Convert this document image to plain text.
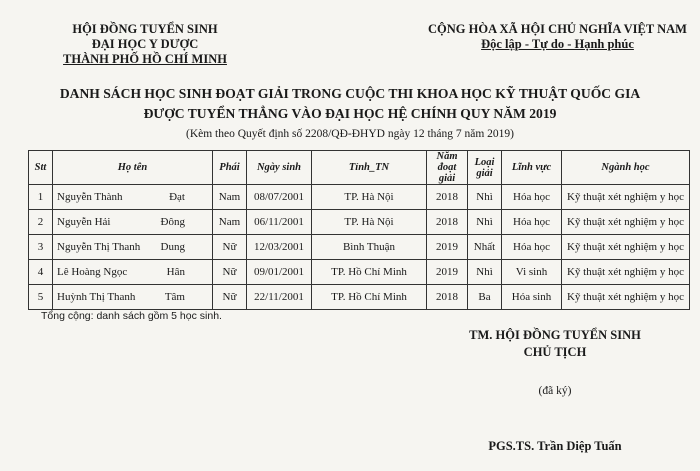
HỘI ĐỒNG TUYỂN SINH
ĐẠI HỌC Y DƯỢC
THÀNH PHỐ HỒ CHÍ MINH
CỘNG HÒA XÃ HỘI CHỦ NGHĨA VIỆT NAM
Độc lập - Tự do - Hạnh phúc
DANH SÁCH HỌC SINH ĐOẠT GIẢI TRONG CUỘC THI KHOA HỌC KỸ THUẬT QUỐC GIA
ĐƯỢC TUYỂN THẲNG VÀO ĐẠI HỌC HỆ CHÍNH QUY NĂM 2019
(Kèm theo Quyết định số 2208/QĐ-ĐHYD ngày 12 tháng 7 năm 2019)
Stt	Họ tên	Phái	Ngày sinh	Tỉnh_TN	Năm đoạt giải	Loại giải	Lĩnh vực	Ngành học
1	Nguyễn Thành Đạt	Nam	08/07/2001	TP. Hà Nội	2018	Nhì	Hóa học	Kỹ thuật xét nghiệm y học
2	Nguyễn Hải Đông	Nam	06/11/2001	TP. Hà Nội	2018	Nhì	Hóa học	Kỹ thuật xét nghiệm y học
3	Nguyễn Thị Thanh Dung	Nữ	12/03/2001	Bình Thuận	2019	Nhất	Hóa học	Kỹ thuật xét nghiệm y học
4	Lê Hoàng Ngọc Hân	Nữ	09/01/2001	TP. Hồ Chí Minh	2019	Nhì	Vi sinh	Kỹ thuật xét nghiệm y học
5	Huỳnh Thị Thanh Tâm	Nữ	22/11/2001	TP. Hồ Chí Minh	2018	Ba	Hóa sinh	Kỹ thuật xét nghiệm y học
Tổng cộng: danh sách gồm 5 học sinh.
TM. HỘI ĐỒNG TUYỂN SINH
CHỦ TỊCH
(đã ký)
PGS.TS. Trần Diệp Tuấn
